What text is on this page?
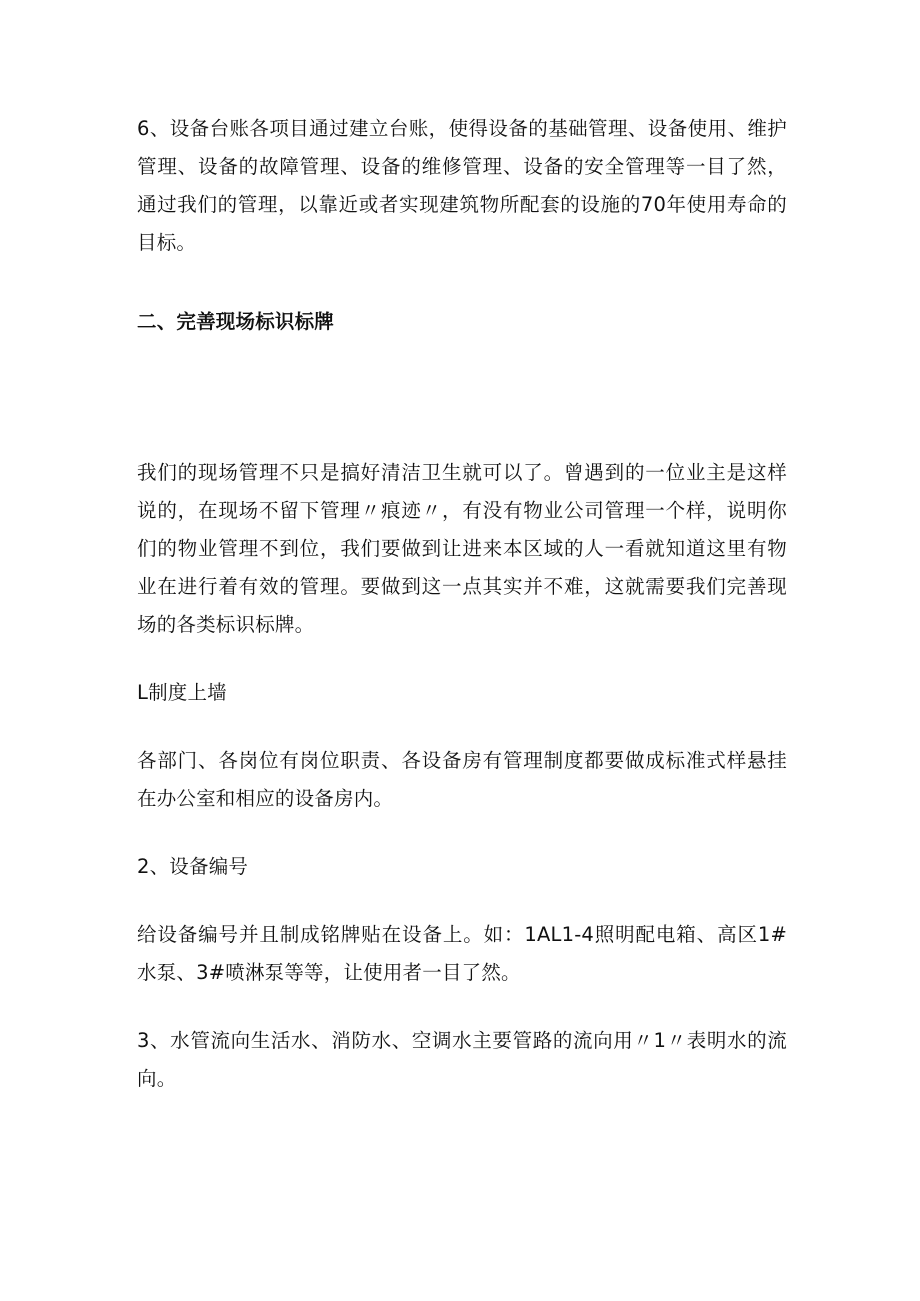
6、设备台账各项目通过建立台账，使得设备的基础管理、设备使用、维护管理、设备的故障管理、设备的维修管理、设备的安全管理等一目了然，通过我们的管理，以靠近或者实现建筑物所配套的设施的70年使用寿命的目标。

二、完善现场标识标牌

我们的现场管理不只是搞好清洁卫生就可以了。曾遇到的一位业主是这样说的，在现场不留下管理〃痕迹〃，有没有物业公司管理一个样，说明你们的物业管理不到位，我们要做到让进来本区域的人一看就知道这里有物业在进行着有效的管理。要做到这一点其实并不难，这就需要我们完善现场的各类标识标牌。

L制度上墙

各部门、各岗位有岗位职责、各设备房有管理制度都要做成标准式样悬挂在办公室和相应的设备房内。

2、设备编号

给设备编号并且制成铭牌贴在设备上。如：1AL1-4照明配电箱、高区1#水泵、3#喷淋泵等等，让使用者一目了然。

3、水管流向生活水、消防水、空调水主要管路的流向用〃1〃表明水的流向。
